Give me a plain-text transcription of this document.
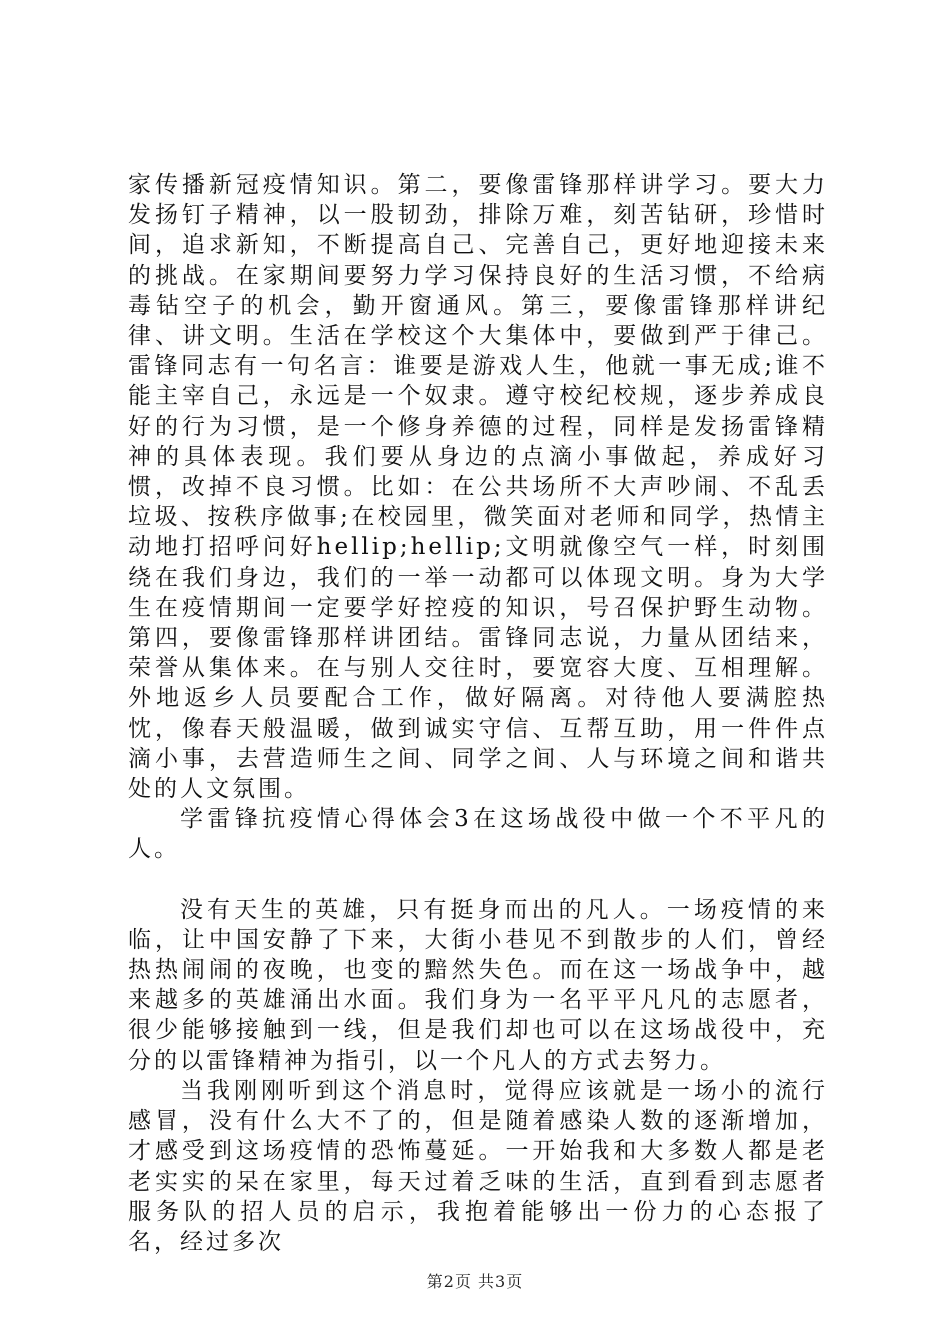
家传播新冠疫情知识。第二，要像雷锋那样讲学习。要大力发扬钉子精神，以一股韧劲，排除万难，刻苦钻研，珍惜时间，追求新知，不断提高自己、完善自己，更好地迎接未来的挑战。在家期间要努力学习保持良好的生活习惯，不给病毒钻空子的机会，勤开窗通风。第三，要像雷锋那样讲纪律、讲文明。生活在学校这个大集体中，要做到严于律己。雷锋同志有一句名言：谁要是游戏人生，他就一事无成;谁不能主宰自己，永远是一个奴隶。遵守校纪校规，逐步养成良好的行为习惯，是一个修身养德的过程，同样是发扬雷锋精神的具体表现。我们要从身边的点滴小事做起，养成好习惯，改掉不良习惯。比如：在公共场所不大声吵闹、不乱丢垃圾、按秩序做事;在校园里，微笑面对老师和同学，热情主动地打招呼问好hellip;hellip;文明就像空气一样，时刻围绕在我们身边，我们的一举一动都可以体现文明。身为大学生在疫情期间一定要学好控疫的知识，号召保护野生动物。第四，要像雷锋那样讲团结。雷锋同志说，力量从团结来，荣誉从集体来。在与别人交往时，要宽容大度、互相理解。外地返乡人员要配合工作，做好隔离。对待他人要满腔热忱，像春天般温暖，做到诚实守信、互帮互助，用一件件点滴小事，去营造师生之间、同学之间、人与环境之间和谐共处的人文氛围。

学雷锋抗疫情心得体会3在这场战役中做一个不平凡的人。

没有天生的英雄，只有挺身而出的凡人。一场疫情的来临，让中国安静了下来，大街小巷见不到散步的人们，曾经热热闹闹的夜晚，也变的黯然失色。而在这一场战争中，越来越多的英雄涌出水面。我们身为一名平平凡凡的志愿者，很少能够接触到一线，但是我们却也可以在这场战役中，充分的以雷锋精神为指引，以一个凡人的方式去努力。

当我刚刚听到这个消息时，觉得应该就是一场小的流行感冒，没有什么大不了的，但是随着感染人数的逐渐增加，才感受到这场疫情的恐怖蔓延。一开始我和大多数人都是老老实实的呆在家里，每天过着乏味的生活，直到看到志愿者服务队的招人员的启示，我抱着能够出一份力的心态报了名，经过多次

第2页 共3页
